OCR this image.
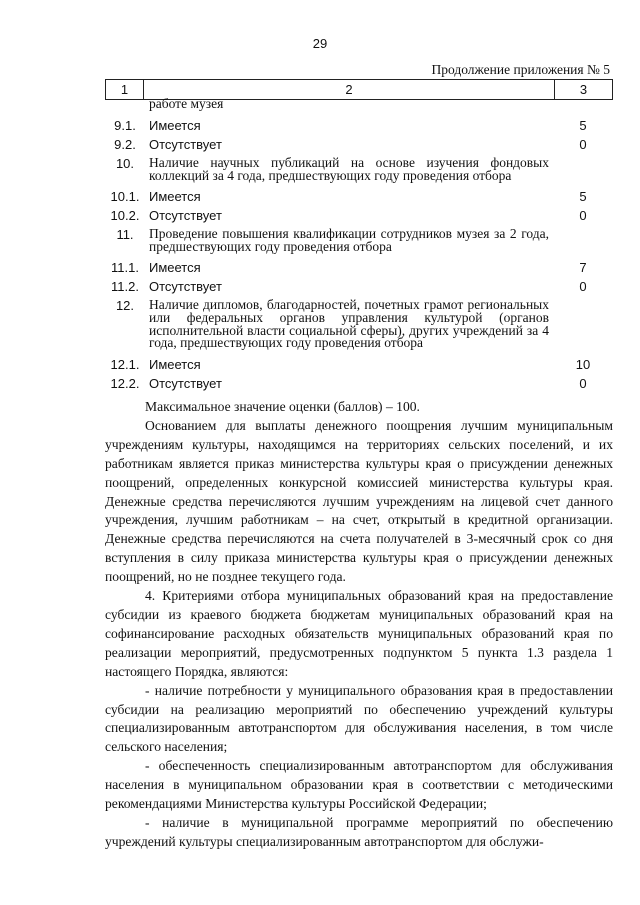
29
Продолжение приложения № 5
1	2	3
работе музея
9.1.	Имеется	5
9.2.	Отсутствует	0
10.	Наличие научных публикаций на основе изучения фондовых коллекций за 4 года, предшествующих году проведения отбора
10.1. Имеется	5
10.2. Отсутствует	0
11.	Проведение повышения квалификации сотрудников музея за 2 года, предшествующих году проведения отбора
11.1. Имеется	7
11.2. Отсутствует	0
12.	Наличие дипломов, благодарностей, почетных грамот региональных или федеральных органов управления культурой (органов исполнительной власти социальной сферы), других учреждений за 4 года, предшествующих году проведения отбора
12.1. Имеется	10
12.2. Отсутствует	0

Максимальное значение оценки (баллов) – 100.

Основанием для выплаты денежного поощрения лучшим муниципальным учреждениям культуры, находящимся на территориях сельских поселений, и их работникам является приказ министерства культуры края о присуждении денежных поощрений, определенных конкурсной комиссией министерства культуры края. Денежные средства перечисляются лучшим учреждениям на лицевой счет данного учреждения, лучшим работникам – на счет, открытый в кредитной организации. Денежные средства перечисляются на счета получателей в 3-месячный срок со дня вступления в силу приказа министерства культуры края о присуждении денежных поощрений, но не позднее текущего года.

4. Критериями отбора муниципальных образований края на предоставление субсидии из краевого бюджета бюджетам муниципальных образований края на софинансирование расходных обязательств муниципальных образований края по реализации мероприятий, предусмотренных подпунктом 5 пункта 1.3 раздела 1 настоящего Порядка, являются:

- наличие потребности у муниципального образования края в предоставлении субсидии на реализацию мероприятий по обеспечению учреждений культуры специализированным автотранспортом для обслуживания населения, в том числе сельского населения;

- обеспеченность специализированным автотранспортом для обслуживания населения в муниципальном образовании края в соответствии с методическими рекомендациями Министерства культуры Российской Федерации;

- наличие в муниципальной программе мероприятий по обеспечению учреждений культуры специализированным автотранспортом для обслужи-
